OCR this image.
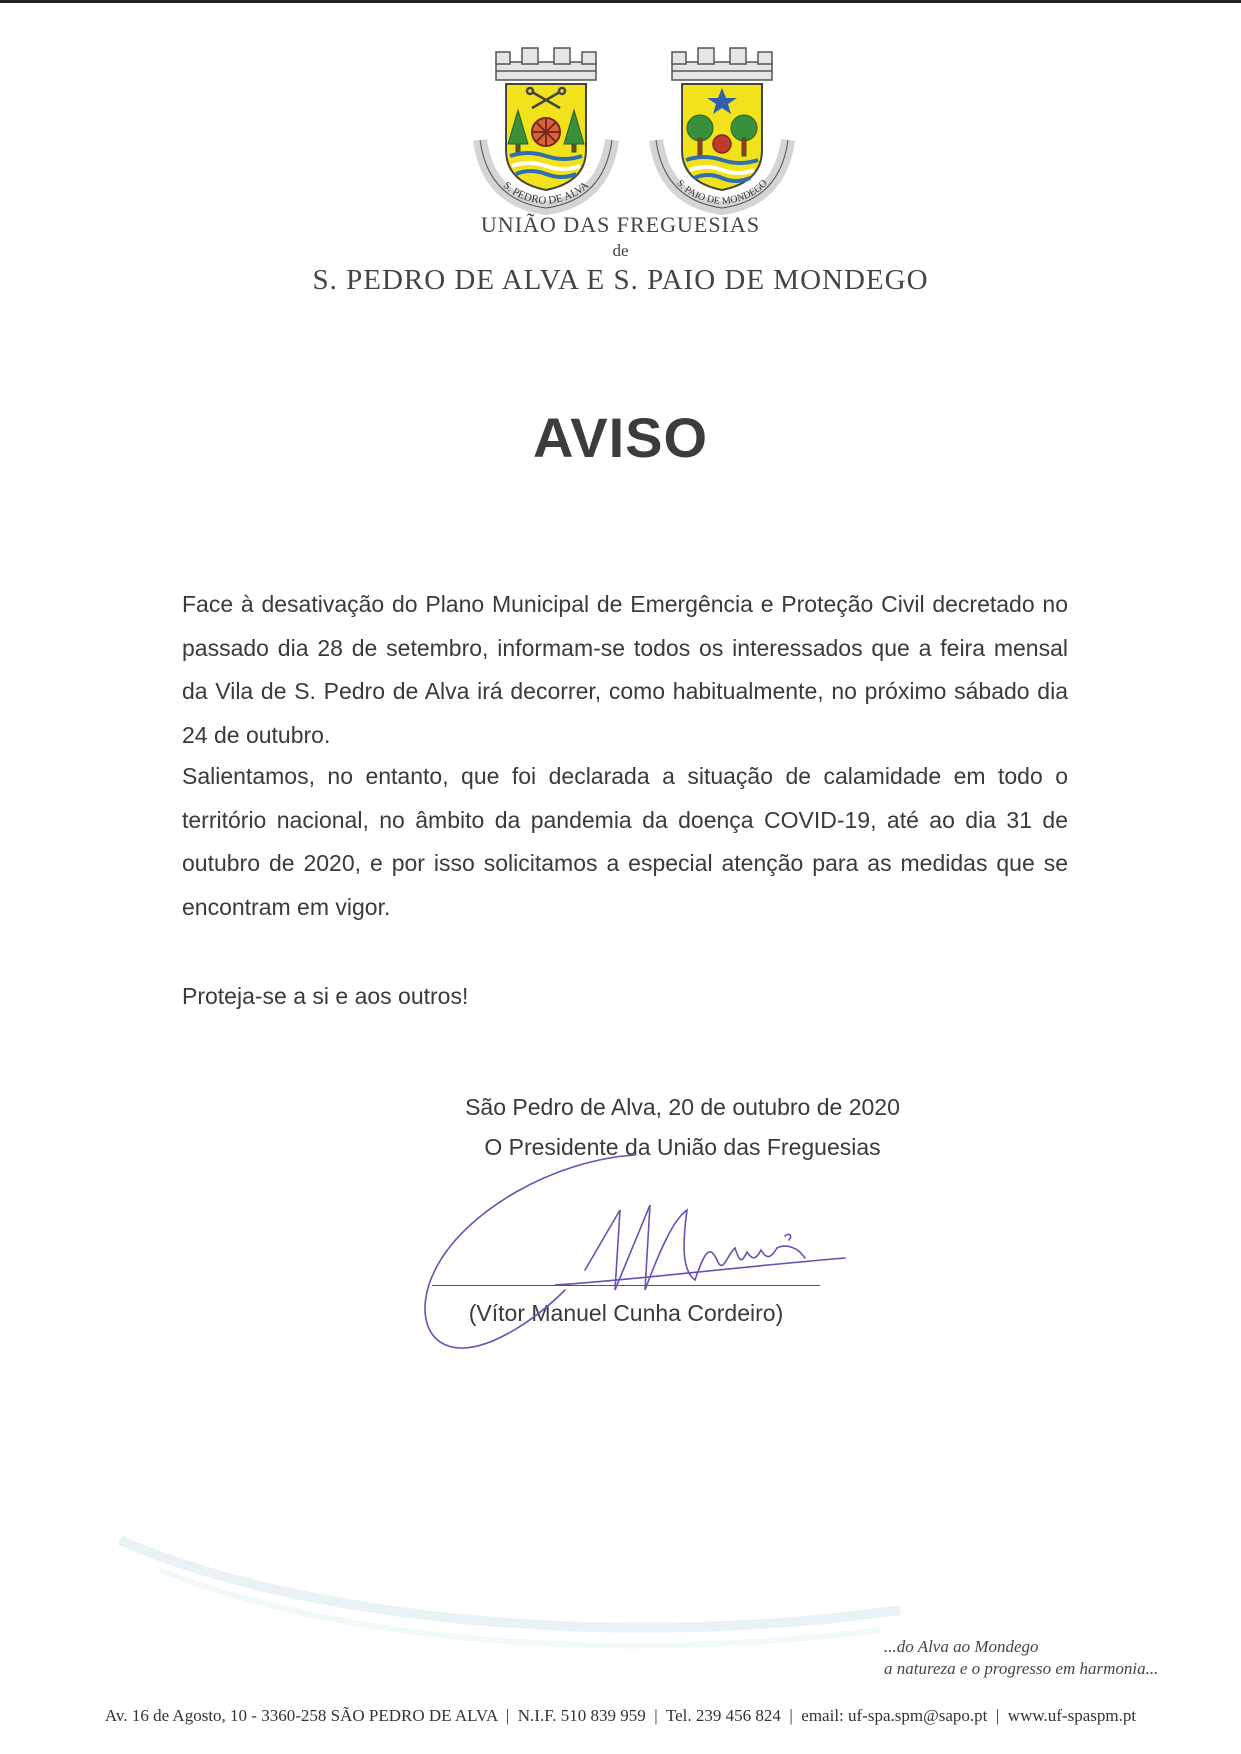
S. PEDRO DE ALVA	S. PAIO DE MONDEGO
UNIÃO DAS FREGUESIAS
de
S. PEDRO DE ALVA E S. PAIO DE MONDEGO
AVISO

Face à desativação do Plano Municipal de Emergência e Proteção Civil decretado no passado dia 28 de setembro, informam-se todos os interessados que a feira mensal da Vila de S. Pedro de Alva irá decorrer, como habitualmente, no próximo sábado dia 24 de outubro.

Salientamos, no entanto, que foi declarada a situação de calamidade em todo o território nacional, no âmbito da pandemia da doença COVID-19, até ao dia 31 de outubro de 2020, e por isso solicitamos a especial atenção para as medidas que se encontram em vigor.

Proteja-se a si e aos outros!

São Pedro de Alva, 20 de outubro de 2020
O Presidente da União das Freguesias
(Vítor Manuel Cunha Cordeiro)
...do Alva ao Mondego
a natureza e o progresso em harmonia...
Av. 16 de Agosto, 10 - 3360-258 SÃO PEDRO DE ALVA  |  N.I.F. 510 839 959  |  Tel. 239 456 824  |  email: uf-spa.spm@sapo.pt  |  www.uf-spaspm.pt
